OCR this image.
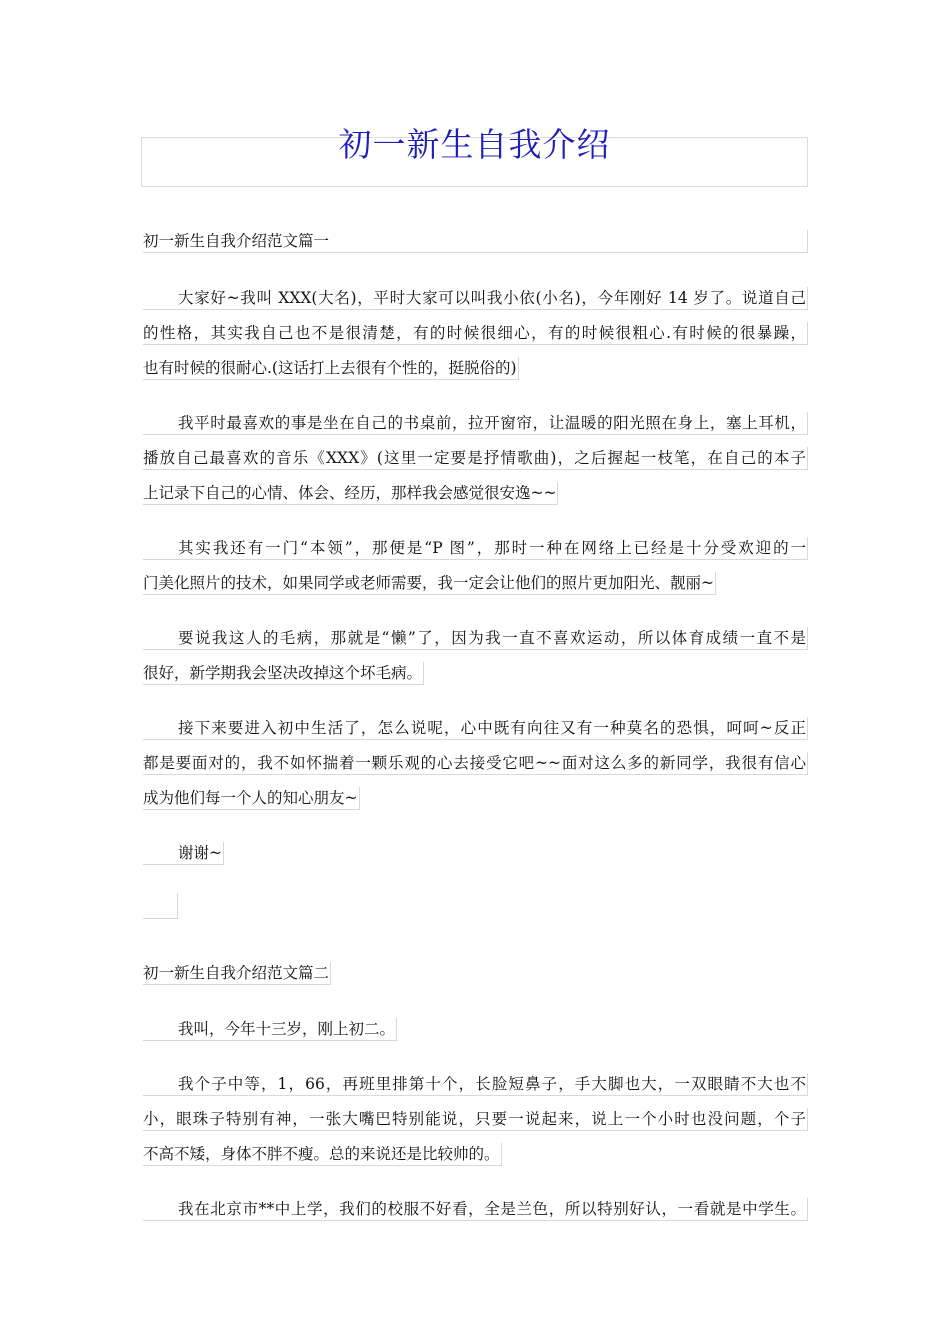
初一新生自我介绍
初一新生自我介绍范文篇一
大家好~我叫 XXX(大名)，平时大家可以叫我小依(小名)，今年刚好 14 岁了。说道自己
的性格，其实我自己也不是很清楚，有的时候很细心，有的时候很粗心.有时候的很暴躁，
也有时候的很耐心.(这话打上去很有个性的，挺脱俗的)
我平时最喜欢的事是坐在自己的书桌前，拉开窗帘，让温暖的阳光照在身上，塞上耳机，
播放自己最喜欢的音乐《XXX》(这里一定要是抒情歌曲)，之后握起一枝笔，在自己的本子
上记录下自己的心情、体会、经历，那样我会感觉很安逸~~
其实我还有一门“本领”，那便是“P 图”，那时一种在网络上已经是十分受欢迎的一
门美化照片的技术，如果同学或老师需要，我一定会让他们的照片更加阳光、靓丽~
要说我这人的毛病，那就是“懒”了，因为我一直不喜欢运动，所以体育成绩一直不是
很好，新学期我会坚决改掉这个坏毛病。
接下来要进入初中生活了，怎么说呢，心中既有向往又有一种莫名的恐惧，呵呵~反正
都是要面对的，我不如怀揣着一颗乐观的心去接受它吧~~面对这么多的新同学，我很有信心
成为他们每一个人的知心朋友~
谢谢~
初一新生自我介绍范文篇二
我叫，今年十三岁，刚上初二。
我个子中等，1，66，再班里排第十个，长脸短鼻子，手大脚也大，一双眼睛不大也不
小，眼珠子特别有神，一张大嘴巴特别能说，只要一说起来，说上一个小时也没问题，个子
不高不矮，身体不胖不瘦。总的来说还是比较帅的。
我在北京市**中上学，我们的校服不好看，全是兰色，所以特别好认，一看就是中学生。
